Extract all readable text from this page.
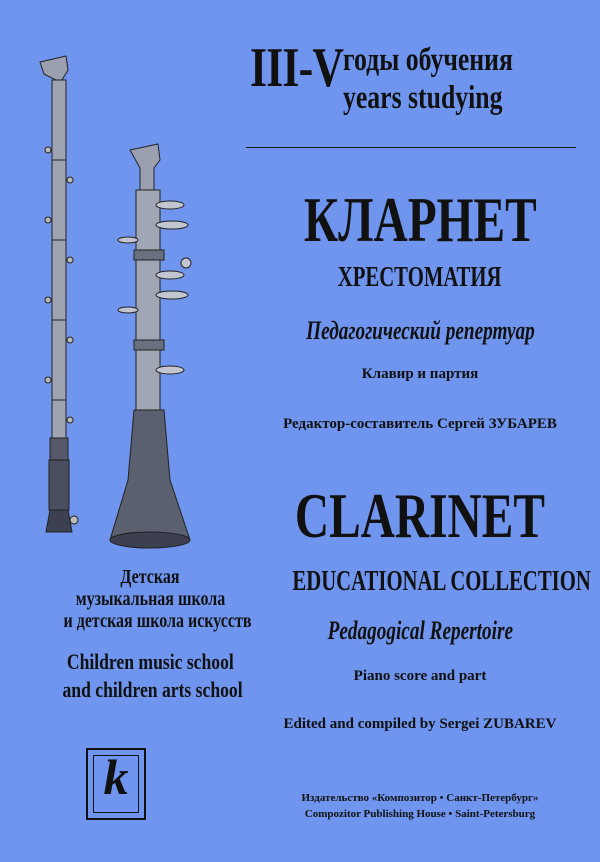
III-V годы обучения
years studying
КЛАРНЕТ
ХРЕСТОМАТИЯ
Педагогический репертуар
Клавир и партия
Редактор-составитель Сергей ЗУБАРЕВ
CLARINET
EDUCATIONAL COLLECTION
Pedagogical Repertoire
Piano score and part
Edited and compiled by Sergei ZUBAREV
Детская
музыкальная школа
и детская школа искусств
Children music school
and children arts school
k	Издательство «Композитор • Санкт-Петербург»
Compozitor Publishing House • Saint-Petersburg
